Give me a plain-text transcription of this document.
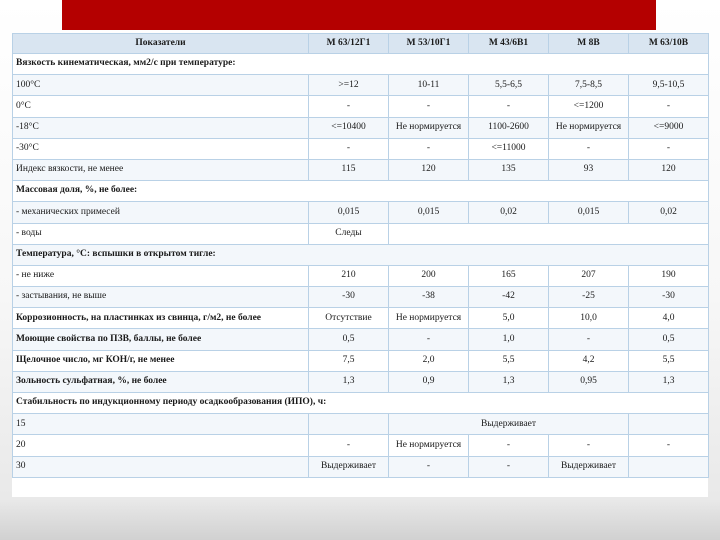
Показатели	М 63/12Г1	М 53/10Г1	М 43/6В1	М 8В	М 63/10В
Вязкость кинематическая, мм2/с при температуре:					
100°С	>=12	10-11	5,5-6,5	7,5-8,5	9,5-10,5
0°С	-	-	-	<=1200	-
-18°С	<=10400	Не нормируется	1100-2600	Не нормируется	<=9000
-30°С	-	-	<=11000	-	-
Индекс вязкости, не менее	115	120	135	93	120
Массовая доля, %, не более:					
- механических примесей	0,015	0,015	0,02	0,015	0,02
- воды	Следы				
Температура, °С: вспышки в открытом тигле:					
- не ниже	210	200	165	207	190
- застывания, не выше	-30	-38	-42	-25	-30
Коррозионность, на пластинках из свинца, г/м2, не более	Отсутствие	Не нормируется	5,0	10,0	4,0
Моющие свойства по ПЗВ, баллы, не более	0,5	-	1,0	-	0,5
Щелочное число, мг КОН/г, не менее	7,5	2,0	5,5	4,2	5,5
Зольность сульфатная, %, не более	1,3	0,9	1,3	0,95	1,3
Стабильность по индукционному периоду осадкообразования (ИПО), ч:					
15		Выдерживает			
20	-	Не нормируется	-	-	-
30	Выдерживает	-	-	Выдерживает	
